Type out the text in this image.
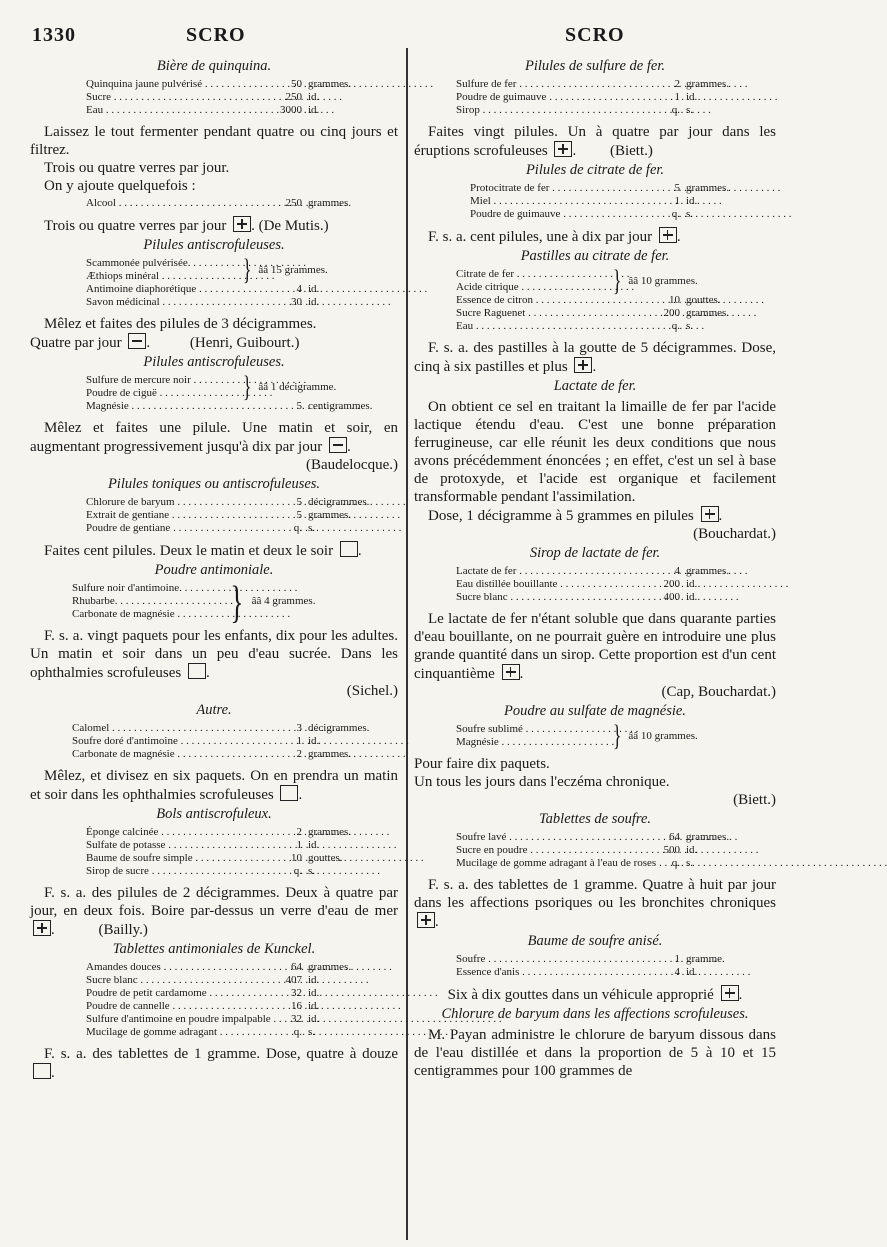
1330	SCRO	SCRO
Bière de quinquina.
Quinquina jaune pulvérisé . . .	50 grammes.
Sucre . . .	250 id.
Eau . . .	3000 id.

Laissez le tout fermenter pendant quatre ou cinq jours et filtrez.

Trois ou quatre verres par jour.

On y ajoute quelquefois :

Alcool . . .	250 grammes.

Trois ou quatre verres par jour . (De Mutis.)

Pilules antiscrofuleuses.
Scammonée pulvérisée. . . .
Æthiops minéral . . .	} ââ 15 grammes.
Antimoine diaphorétique . . .	4 id.
Savon médicinal . . .	30 id.

Mêlez et faites des pilules de 3 décigrammes.

Quatre par jour . (Henri, Guibourt.)

Pilules antiscrofuleuses.
Sulfure de mercure noir . . .
Poudre de ciguë . . .	} ââ 1 décigramme.
Magnésie . . .	5 centigrammes.

Mêlez et faites une pilule. Une matin et soir, en augmentant progressivement jusqu'à dix par jour .

(Baudelocque.)

Pilules toniques ou antiscrofuleuses.
Chlorure de baryum . . .	5 décigrammes.
Extrait de gentiane . . .	5 grammes.
Poudre de gentiane . . .	q. s.

Faites cent pilules. Deux le matin et deux le soir .

Poudre antimoniale.
Sulfure noir d'antimoine. . . .
Rhubarbe. . . .
Carbonate de magnésie . . .	} ââ 4 grammes.

F. s. a. vingt paquets pour les enfants, dix pour les adultes. Un matin et soir dans un peu d'eau sucrée. Dans les ophthalmies scrofuleuses .

(Sichel.)

Autre.
Calomel . . .	3 décigrammes.
Soufre doré d'antimoine . . .	1 id.
Carbonate de magnésie . . .	2 grammes.

Mêlez, et divisez en six paquets. On en prendra un matin et soir dans les ophthalmies scrofuleuses .

Bols antiscrofuleux.
Éponge calcinée . . .	2 grammes.
Sulfate de potasse . . .	1 id.
Baume de soufre simple . . .	10 gouttes.
Sirop de sucre . . .	q. s.

F. s. a. des pilules de 2 décigrammes. Deux à quatre par jour, en deux fois. Boire par-dessus un verre d'eau de mer .	(Bailly.)

Tablettes antimoniales de Kunckel.
Amandes douces . . .	64 grammes.
Sucre blanc . . .	407 id.
Poudre de petit cardamome . . .	32 id.
Poudre de cannelle . . .	16 id.
Sulfure d'antimoine en poudre impalpable . . .	32 id.
Mucilage de gomme adragant . . .	q. s.

F. s. a. des tablettes de 1 gramme. Dose, quatre à douze .

Pilules de sulfure de fer.
Sulfure de fer . . .	2 grammes.
Poudre de guimauve . . .	1 id.
Sirop . . .	q. s.

Faites vingt pilules. Un à quatre par jour dans les éruptions scrofuleuses . (Biett.)

Pilules de citrate de fer.
Protocitrate de fer . . .	5 grammes.
Miel . . .	1 id.
Poudre de guimauve . . .	q. s.

F. s. a. cent pilules, une à dix par jour .

Pastilles au citrate de fer.
Citrate de fer . . .
Acide citrique . . .	} ââ 10 grammes.
Essence de citron . . .	10 gouttes.
Sucre Raguenet . . .	200 grammes.
Eau . . .	q. s.

F. s. a. des pastilles à la goutte de 5 décigrammes. Dose, cinq à six pastilles et plus .

Lactate de fer.

On obtient ce sel en traitant la limaille de fer par l'acide lactique étendu d'eau. C'est une bonne préparation ferrugineuse, car elle réunit les deux conditions que nous avons précédemment énoncées ; en effet, c'est un sel à base de protoxyde, et l'acide est organique et facilement transformable pendant l'assimilation.

Dose, 1 décigramme à 5 grammes en pilules .

(Bouchardat.)

Sirop de lactate de fer.
Lactate de fer . . .	4 grammes.
Eau distillée bouillante . . .	200 id.
Sucre blanc . . .	400 id.

Le lactate de fer n'étant soluble que dans quarante parties d'eau bouillante, on ne pourrait guère en introduire une plus grande quantité dans un sirop. Cette proportion est d'un cent cinquantième .

(Cap, Bouchardat.)

Poudre au sulfate de magnésie.
Soufre sublimé . . .
Magnésie . . .	} ââ 10 grammes.

Pour faire dix paquets.

Un tous les jours dans l'eczéma chronique.

(Biett.)

Tablettes de soufre.
Soufre lavé . . .	64 grammes.
Sucre en poudre . . .	500 id.
Mucilage de gomme adragant à l'eau de roses . . .	q. s.

F. s. a. des tablettes de 1 gramme. Quatre à huit par jour dans les affections psoriques ou les bronchites chroniques .

Baume de soufre anisé.
Soufre . . .	1 gramme.
Essence d'anis . . .	4 id.

Six à dix gouttes dans un véhicule approprié .

Chlorure de baryum dans les affections scrofuleuses.

M. Payan administre le chlorure de baryum dissous dans de l'eau distillée et dans la proportion de 5 à 10 et 15 centigrammes pour 100 grammes de
